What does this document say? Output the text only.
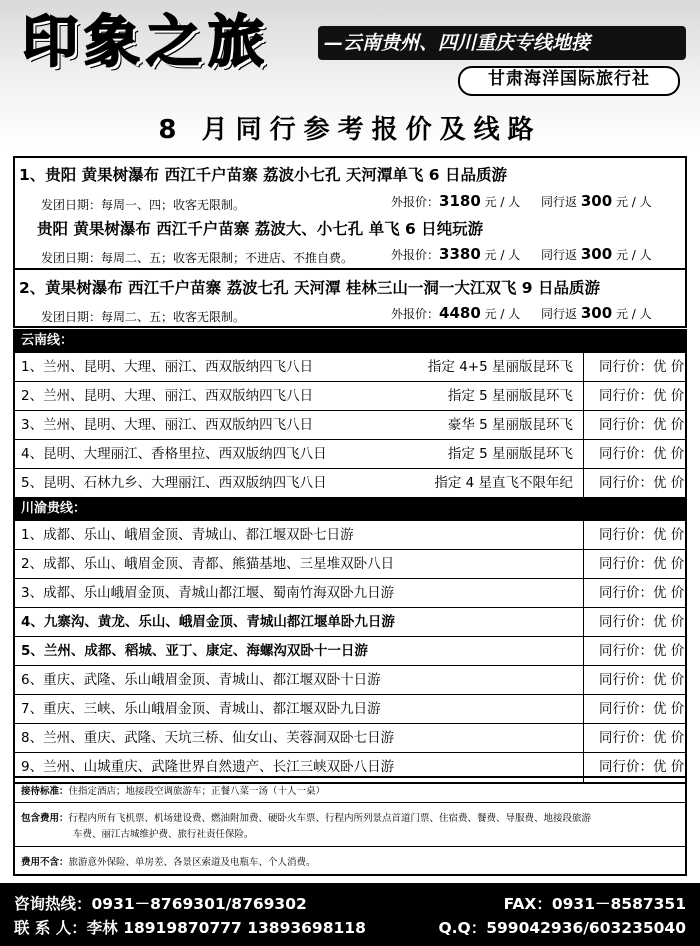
印象之旅	—云南贵州、四川重庆专线地接
甘肃海洋国际旅行社
8 月同行参考报价及线路
1、贵阳 黄果树瀑布 西江千户苗寨 荔波小七孔 天河潭单飞 6 日品质游
发团日期：每周一、四；收客无限制。	外报价：3180 元 / 人 同行返 300 元 / 人
贵阳 黄果树瀑布 西江千户苗寨 荔波大、小七孔 单飞 6 日纯玩游
发团日期：每周二、五；收客无限制；不进店、不推自费。	外报价：3380 元 / 人 同行返 300 元 / 人
2、黄果树瀑布 西江千户苗寨 荔波七孔 天河潭 桂林三山一洞一大江双飞 9 日品质游
发团日期：每周二、五；收客无限制。	外报价：4480 元 / 人 同行返 300 元 / 人
云南线：
1、兰州、昆明、大理、丽江、西双版纳四飞八日	指定 4+5 星丽版昆环飞 同行价：优 价
2、兰州、昆明、大理、丽江、西双版纳四飞八日	指定 5 星丽版昆环飞 同行价：优 价
3、兰州、昆明、大理、丽江、西双版纳四飞八日	豪华 5 星丽版昆环飞 同行价：优 价
4、昆明、大理丽江、香格里拉、西双版纳四飞八日	指定 5 星丽版昆环飞 同行价：优 价
5、昆明、石林九乡、大理丽江、西双版纳四飞八日	指定 4 星直飞不限年纪 同行价：优 价
川渝贵线：
1、成都、乐山、峨眉金顶、青城山、都江堰双卧七日游	同行价：优 价
2、成都、乐山、峨眉金顶、青都、熊猫基地、三星堆双卧八日	同行价：优 价
3、成都、乐山峨眉金顶、青城山都江堰、蜀南竹海双卧九日游	同行价：优 价
4、九寨沟、黄龙、乐山、峨眉金顶、青城山都江堰单卧九日游	同行价：优 价
5、兰州、成都、稻城、亚丁、康定、海螺沟双卧十一日游	同行价：优 价
6、重庆、武隆、乐山峨眉金顶、青城山、都江堰双卧十日游	同行价：优 价
7、重庆、三峡、乐山峨眉金顶、青城山、都江堰双卧九日游	同行价：优 价
8、兰州、重庆、武隆、天坑三桥、仙女山、芙蓉洞双卧七日游	同行价：优 价
9、兰州、山城重庆、武隆世界自然遗产、长江三峡双卧八日游	同行价：优 价
接待标准：住指定酒店；地接段空调旅游车；正餐八菜一汤（十人一桌）
包含费用：行程内所有飞机票、机场建设费、燃油附加费、硬卧火车票、行程内所列景点首道门票、住宿费、餐费、导服费、地接段旅游
车费、丽江古城维护费、旅行社责任保险。
费用不含：旅游意外保险、单房差、各景区索道及电瓶车、个人消费。
咨询热线：0931－8769301/8769302
联 系 人：李林 18919870777 13893698118
FAX：0931－8587351
Q.Q：599042936/603235040
